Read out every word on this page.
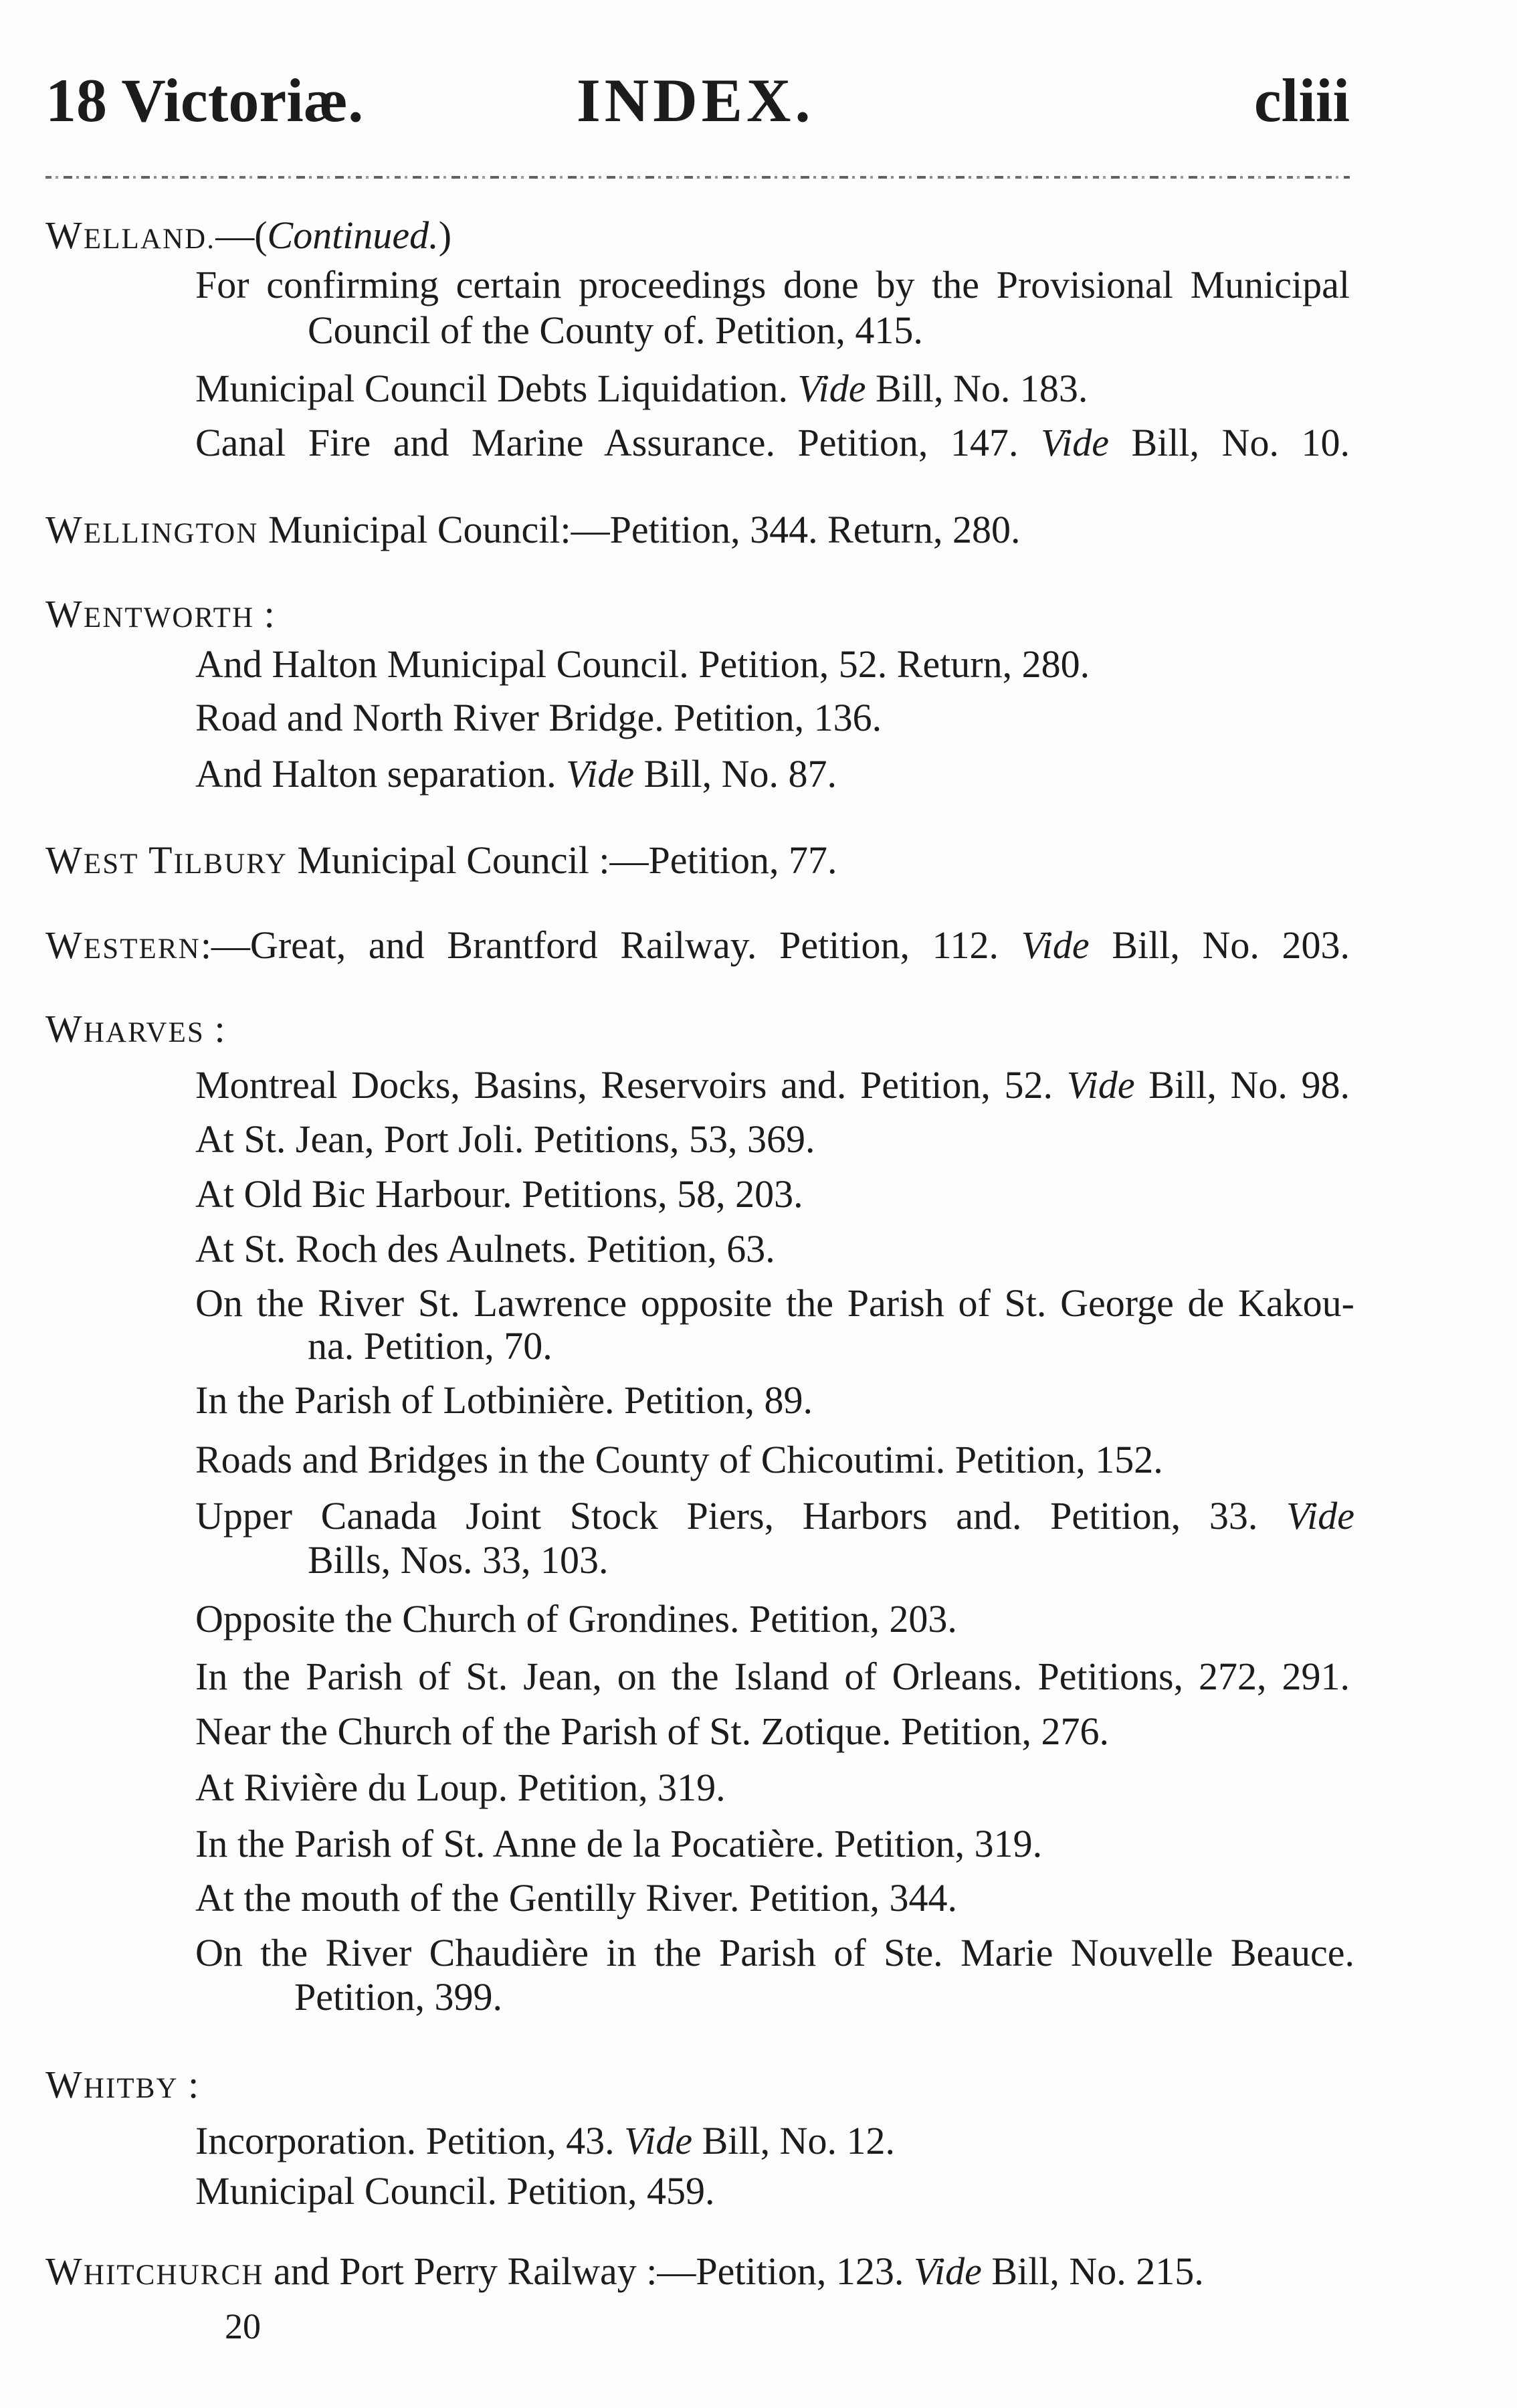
18 Victoriæ.	INDEX.	cliii
WELLAND.—(Continued.)
For confirming certain proceedings done by the Provisional Municipal
Council of the County of. Petition, 415.
Municipal Council Debts Liquidation. Vide Bill, No. 183.
Canal Fire and Marine Assurance. Petition, 147. Vide Bill, No. 10.
WELLINGTON Municipal Council:—Petition, 344. Return, 280.
WENTWORTH :
And Halton Municipal Council. Petition, 52. Return, 280.
Road and North River Bridge. Petition, 136.
And Halton separation. Vide Bill, No. 87.
WEST TILBURY Municipal Council :—Petition, 77.
WESTERN:—Great, and Brantford Railway. Petition, 112. Vide Bill, No. 203.
WHARVES :
Montreal Docks, Basins, Reservoirs and. Petition, 52. Vide Bill, No. 98.
At St. Jean, Port Joli. Petitions, 53, 369.
At Old Bic Harbour. Petitions, 58, 203.
At St. Roch des Aulnets. Petition, 63.
On the River St. Lawrence opposite the Parish of St. George de Kakou-
na. Petition, 70.
In the Parish of Lotbinière. Petition, 89.
Roads and Bridges in the County of Chicoutimi. Petition, 152.
Upper Canada Joint Stock Piers, Harbors and. Petition, 33. Vide
Bills, Nos. 33, 103.
Opposite the Church of Grondines. Petition, 203.
In the Parish of St. Jean, on the Island of Orleans. Petitions, 272, 291.
Near the Church of the Parish of St. Zotique. Petition, 276.
At Rivière du Loup. Petition, 319.
In the Parish of St. Anne de la Pocatière. Petition, 319.
At the mouth of the Gentilly River. Petition, 344.
On the River Chaudière in the Parish of Ste. Marie Nouvelle Beauce.
Petition, 399.
WHITBY :
Incorporation. Petition, 43. Vide Bill, No. 12.
Municipal Council. Petition, 459.
WHITCHURCH and Port Perry Railway :—Petition, 123. Vide Bill, No. 215.
20
